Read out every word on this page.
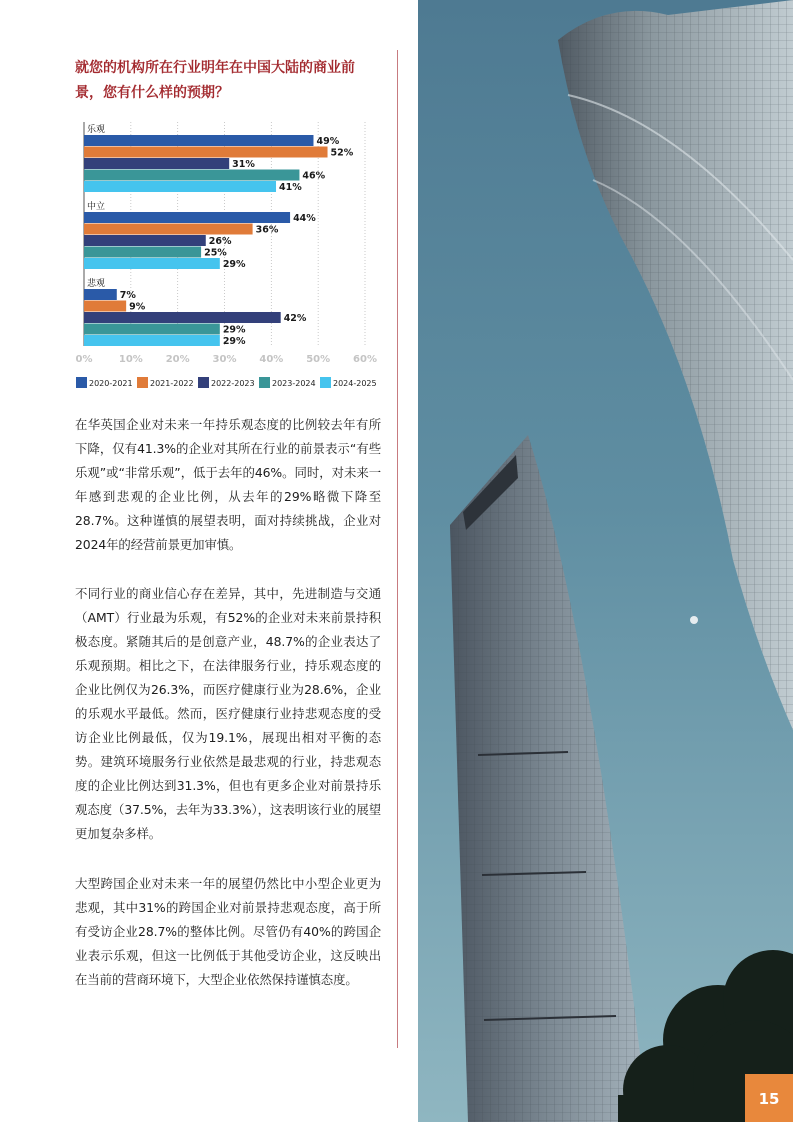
就您的机构所在行业明年在中国大陆的商业前景，您有什么样的预期？
0%	10% 20% 30% 40% 50% 60%
乐观
49%
52%
31%
46%
41%
中立
44%
36%
26%
25%
29%
悲观
7%
9%
42%
29%
29%
2020-2021	2021-2022	2022-2023	2023-2024	2024-2025

在华英国企业对未来一年持乐观态度的比例较去年有所下降，仅有41.3%的企业对其所在行业的前景表示“有些乐观”或“非常乐观”，低于去年的46%。同时，对未来一年感到悲观的企业比例，从去年的29%略微下降至28.7%。这种谨慎的展望表明，面对持续挑战，企业对2024年的经营前景更加审慎。

不同行业的商业信心存在差异，其中，先进制造与交通（AMT）行业最为乐观，有52%的企业对未来前景持积极态度。紧随其后的是创意产业，48.7%的企业表达了乐观预期。相比之下，在法律服务行业，持乐观态度的企业比例仅为26.3%，而医疗健康行业为28.6%，企业的乐观水平最低。然而，医疗健康行业持悲观态度的受访企业比例最低，仅为19.1%，展现出相对平衡的态势。建筑环境服务行业依然是最悲观的行业，持悲观态度的企业比例达到31.3%，但也有更多企业对前景持乐观态度（37.5%，去年为33.3%），这表明该行业的展望更加复杂多样。

大型跨国企业对未来一年的展望仍然比中小型企业更为悲观，其中31%的跨国企业对前景持悲观态度，高于所有受访企业28.7%的整体比例。尽管仍有40%的跨国企业表示乐观，但这一比例低于其他受访企业，这反映出在当前的营商环境下，大型企业依然保持谨慎态度。

15
